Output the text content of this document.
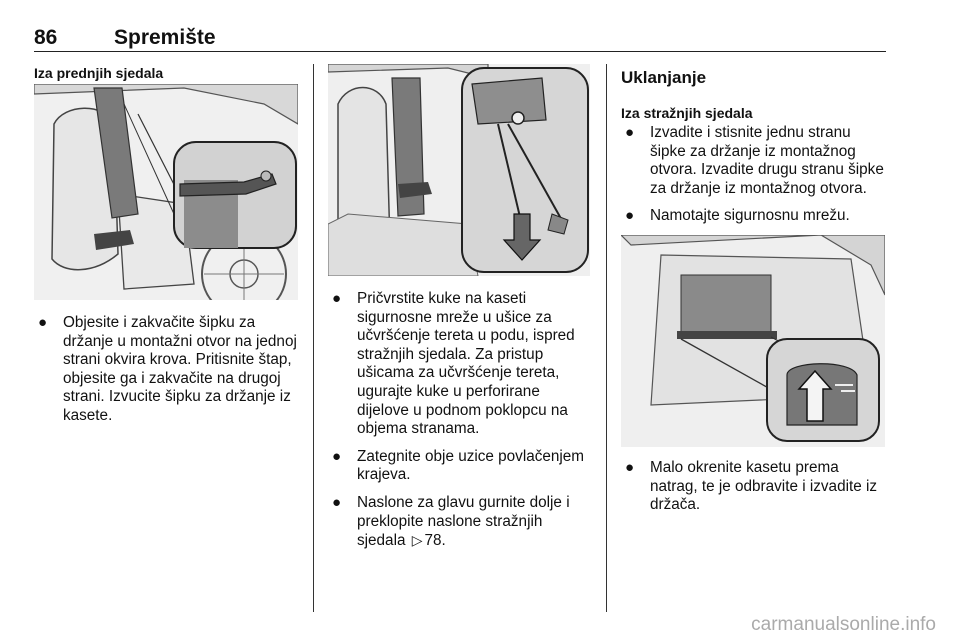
86	Spremište

Iza prednjih sjedala

● Objesite i zakvačite šipku za držanje u montažni otvor na jednoj strani okvira krova. Pritisnite štap, objesite ga i zakvačite na drugoj strani. Izvucite šipku za držanje iz kasete.
● Pričvrstite kuke na kaseti sigurnosne mreže u ušice za učvršćenje tereta u podu, ispred stražnjih sjedala. Za pristup ušicama za učvršćenje tereta, ugurajte kuke u perforirane dijelove u podnom poklopcu na objema stranama.
● Zategnite obje uzice povlačenjem krajeva.
● Naslone za glavu gurnite dolje i preklopite naslone stražnjih sjedala ▷ 78.
Uklanjanje

Iza stražnjih sjedala

● Izvadite i stisnite jednu stranu šipke za držanje iz montažnog otvora. Izvadite drugu stranu šipke za držanje iz montažnog otvora.
● Namotajte sigurnosnu mrežu.
● Malo okrenite kasetu prema natrag, te je odbravite i izvadite iz držača.
carmanualsonline.info
